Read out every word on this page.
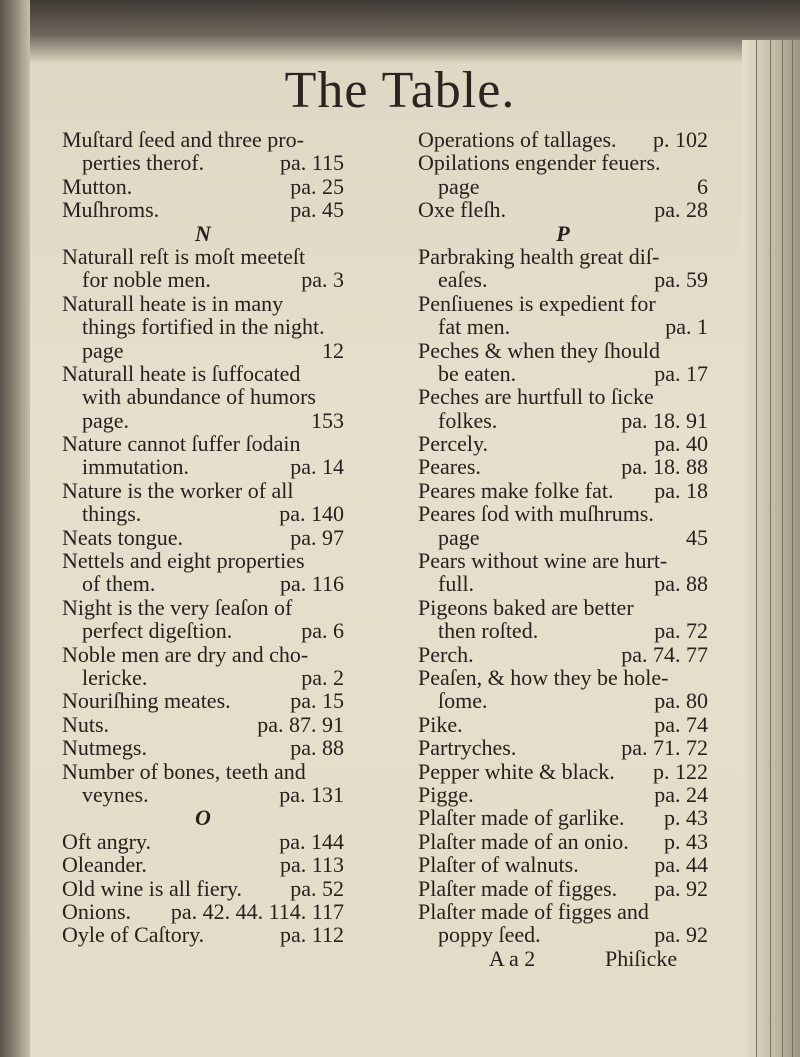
The Table.
Muſtard ſeed and three pro-
perties therof.	pa. 115
Mutton.	pa. 25
Muſhroms.	pa. 45
N
Naturall reſt is moſt meeteſt
for noble men.	pa. 3
Naturall heate is in many
things fortified in the night.
page	12
Naturall heate is ſuffocated
with abundance of humors
page.	153
Nature cannot ſuffer ſodain
immutation.	pa. 14
Nature is the worker of all
things.	pa. 140
Neats tongue.	pa. 97
Nettels and eight properties
of them.	pa. 116
Night is the very ſeaſon of
perfect digeſtion.	pa. 6
Noble men are dry and cho-
lericke.	pa. 2
Nouriſhing meates.	pa. 15
Nuts.	pa. 87. 91
Nutmegs.	pa. 88
Number of bones, teeth and
veynes.	pa. 131
O
Oft angry.	pa. 144
Oleander.	pa. 113
Old wine is all fiery.	pa. 52
Onions.	pa. 42. 44. 114. 117
Oyle of Caſtory.	pa. 112
Operations of tallages.	p. 102
Opilations engender feuers.
page	6
Oxe fleſh.	pa. 28
P
Parbraking health great diſ-
eaſes.	pa. 59
Penſiuenes is expedient for
fat men.	pa. 1
Peches & when they ſhould
be eaten.	pa. 17
Peches are hurtfull to ſicke
folkes.	pa. 18. 91
Percely.	pa. 40
Peares.	pa. 18. 88
Peares make folke fat.	pa. 18
Peares ſod with muſhrums.
page	45
Pears without wine are hurt-
full.	pa. 88
Pigeons baked are better
then roſted.	pa. 72
Perch.	pa. 74. 77
Peaſen, & how they be hole-
ſome.	pa. 80
Pike.	pa. 74
Partryches.	pa. 71. 72
Pepper white & black.	p. 122
Pigge.	pa. 24
Plaſter made of garlike.	p. 43
Plaſter made of an onio.	p. 43
Plaſter of walnuts.	pa. 44
Plaſter made of figges.	pa. 92
Plaſter made of figges and
poppy ſeed.	pa. 92
A a 2	Phiſicke
